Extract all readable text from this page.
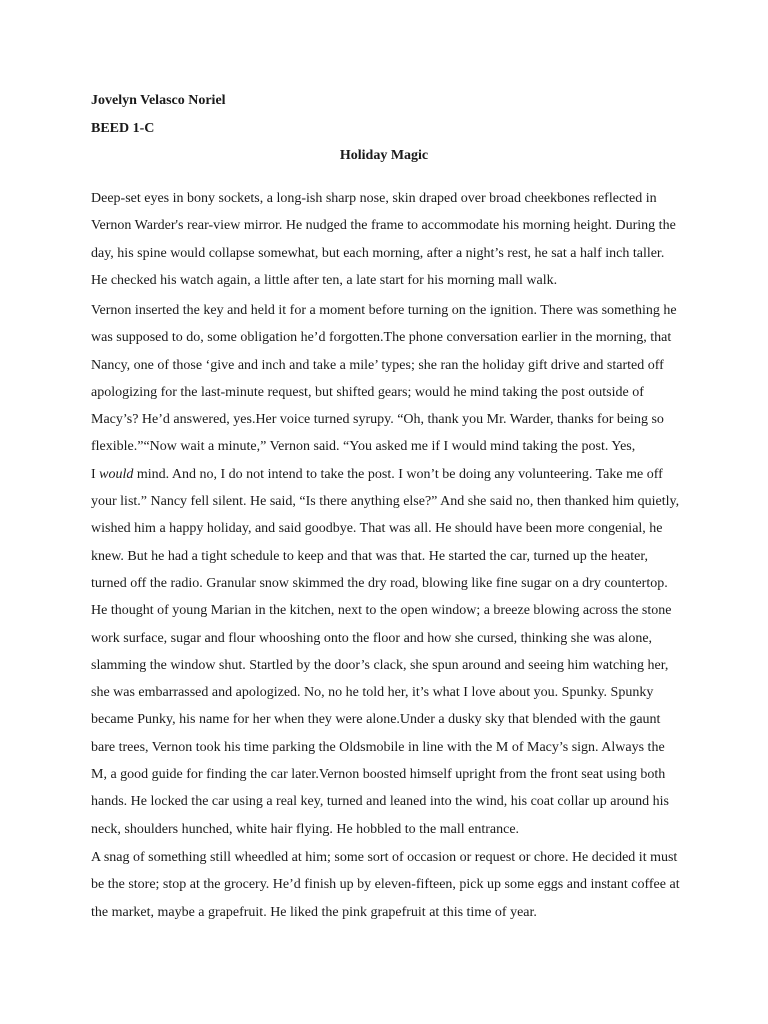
Jovelyn Velasco Noriel
BEED 1-C
Holiday Magic
Deep-set eyes in bony sockets, a long-ish sharp nose, skin draped over broad cheekbones reflected in
Vernon Warder's rear-view mirror. He nudged the frame to accommodate his morning height. During the
day, his spine would collapse somewhat, but each morning, after a night’s rest, he sat a half inch taller.
He checked his watch again, a little after ten, a late start for his morning mall walk.
Vernon inserted the key and held it for a moment before turning on the ignition. There was something he
was supposed to do, some obligation he’d forgotten.The phone conversation earlier in the morning, that
Nancy, one of those ‘give and inch and take a mile’ types; she ran the holiday gift drive and started off
apologizing for the last-minute request, but shifted gears; would he mind taking the post outside of
Macy’s? He’d answered, yes.Her voice turned syrupy. “Oh, thank you Mr. Warder, thanks for being so
flexible.”“Now wait a minute,” Vernon said. “You asked me if I would mind taking the post. Yes,
I would mind. And no, I do not intend to take the post. I won’t be doing any volunteering. Take me off
your list.” Nancy fell silent. He said, “Is there anything else?” And she said no, then thanked him quietly,
wished him a happy holiday, and said goodbye. That was all. He should have been more congenial, he
knew. But he had a tight schedule to keep and that was that. He started the car, turned up the heater,
turned off the radio. Granular snow skimmed the dry road, blowing like fine sugar on a dry countertop.
He thought of young Marian in the kitchen, next to the open window; a breeze blowing across the stone
work surface, sugar and flour whooshing onto the floor and how she cursed, thinking she was alone,
slamming the window shut. Startled by the door’s clack, she spun around and seeing him watching her,
she was embarrassed and apologized. No, no he told her, it’s what I love about you. Spunky. Spunky
became Punky, his name for her when they were alone.Under a dusky sky that blended with the gaunt
bare trees, Vernon took his time parking the Oldsmobile in line with the M of Macy’s sign. Always the
M, a good guide for finding the car later.Vernon boosted himself upright from the front seat using both
hands. He locked the car using a real key, turned and leaned into the wind, his coat collar up around his
neck, shoulders hunched, white hair flying. He hobbled to the mall entrance.
A snag of something still wheedled at him; some sort of occasion or request or chore. He decided it must
be the store; stop at the grocery. He’d finish up by eleven-fifteen, pick up some eggs and instant coffee at
the market, maybe a grapefruit. He liked the pink grapefruit at this time of year.
